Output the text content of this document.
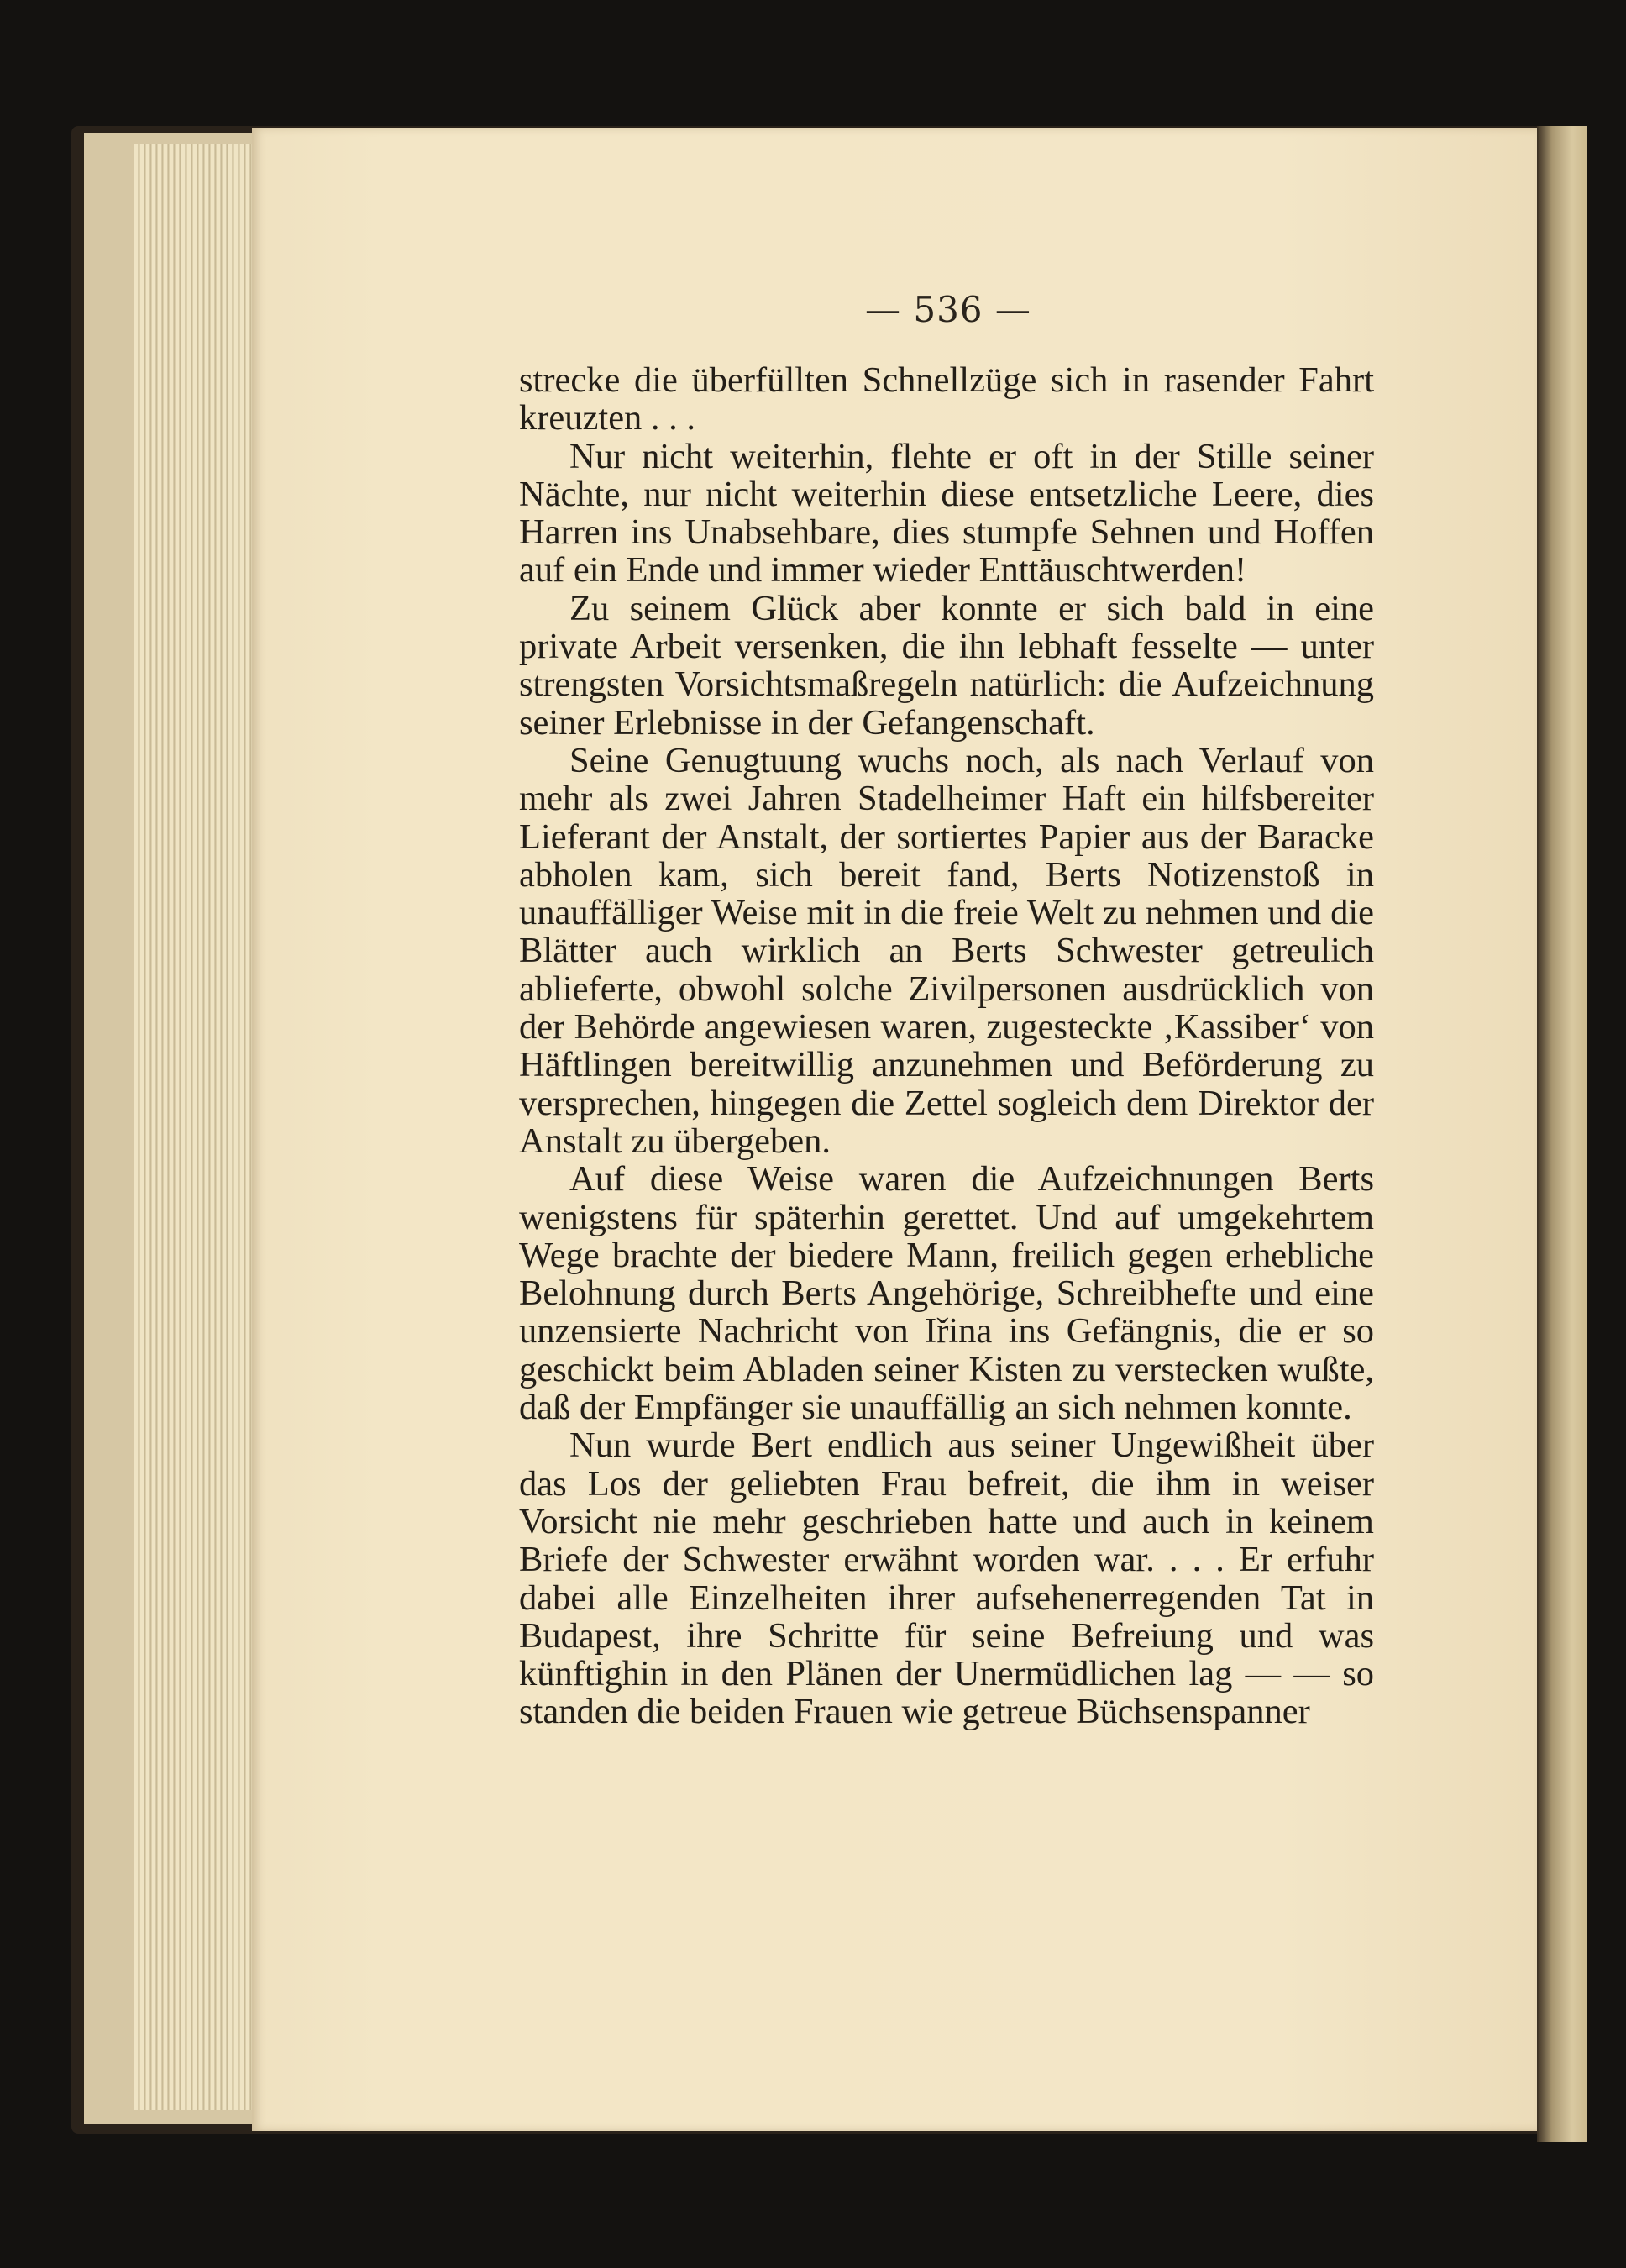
— 536 —

strecke die überfüllten Schnellzüge sich in rasender Fahrt kreuzten . . .

Nur nicht weiterhin, flehte er oft in der Stille seiner Nächte, nur nicht weiterhin diese entsetzliche Leere, dies Harren ins Unabsehbare, dies stumpfe Sehnen und Hoffen auf ein Ende und immer wieder Enttäuschtwerden!

Zu seinem Glück aber konnte er sich bald in eine private Arbeit versenken, die ihn lebhaft fesselte — unter strengsten Vorsichtsmaßregeln natürlich: die Aufzeichnung seiner Erlebnisse in der Gefangenschaft.

Seine Genugtuung wuchs noch, als nach Verlauf von mehr als zwei Jahren Stadelheimer Haft ein hilfsbereiter Lieferant der Anstalt, der sortiertes Papier aus der Baracke abholen kam, sich bereit fand, Berts Notizenstoß in unauffälliger Weise mit in die freie Welt zu nehmen und die Blätter auch wirklich an Berts Schwester getreulich ablieferte, obwohl solche Zivilpersonen ausdrücklich von der Behörde angewiesen waren, zugesteckte ‚Kassiber‘ von Häftlingen bereitwillig anzunehmen und Beförderung zu versprechen, hingegen die Zettel sogleich dem Direktor der Anstalt zu übergeben.

Auf diese Weise waren die Aufzeichnungen Berts wenigstens für späterhin gerettet. Und auf umgekehrtem Wege brachte der biedere Mann, freilich gegen erhebliche Belohnung durch Berts Angehörige, Schreibhefte und eine unzensierte Nachricht von Iřina ins Gefängnis, die er so geschickt beim Abladen seiner Kisten zu verstecken wußte, daß der Empfänger sie unauffällig an sich nehmen konnte.

Nun wurde Bert endlich aus seiner Ungewißheit über das Los der geliebten Frau befreit, die ihm in weiser Vorsicht nie mehr geschrieben hatte und auch in keinem Briefe der Schwester erwähnt worden war. . . . Er erfuhr dabei alle Einzelheiten ihrer aufsehenerregenden Tat in Budapest, ihre Schritte für seine Befreiung und was künftighin in den Plänen der Unermüdlichen lag — — so standen die beiden Frauen wie getreue Büchsenspanner
